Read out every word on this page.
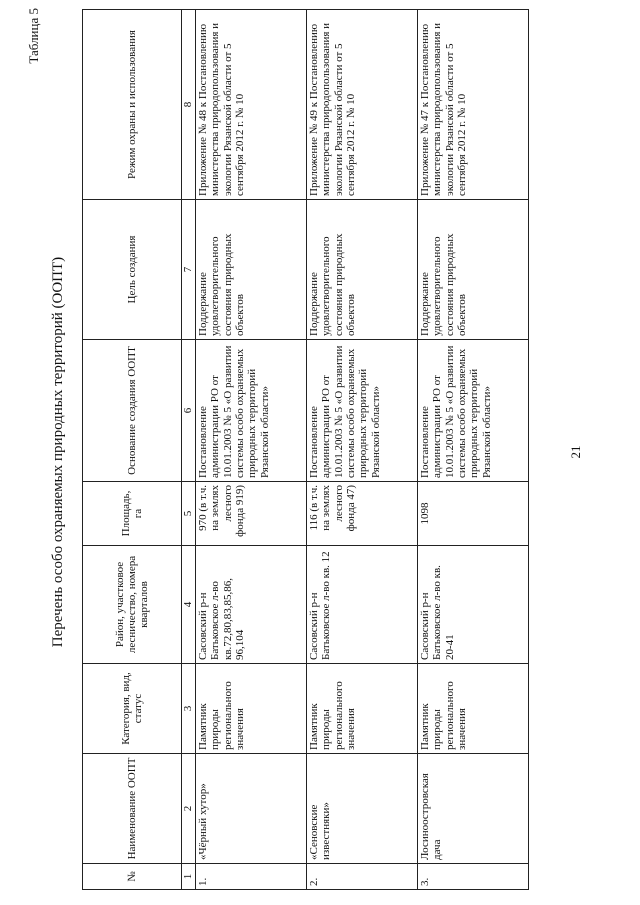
Таблица 5
Перечень особо охраняемых природных территорий (ООПТ)
№	Наименование ООПТ	Категория, вид, статус	Район, участковое лесничество, номера кварталов	Площадь, га	Основание создания ООПТ	Цель создания	Режим охраны и использования
1	2	3	4	5	6	7	8
1.	«Чёрный хутор»	Памятник природы регионального значения	Сасовский р-н Батьковское л-во кв.72,80,83,85,86, 96,104	970 (в т.ч. на землях лесного фонда 919)	Постановление администрации РО от 10.01.2003 № 5 «О развитии системы особо охраняемых природных территорий Рязанской области»	Поддержание удовлетворительного состояния природных объектов	Приложение № 48 к Постановлению министерства природопользования и экологии Рязанской области от 5 сентября 2012 г. № 10
2.	«Сеновские известняки»	Памятник природы регионального значения	Сасовский р-н Батьковское л-во кв. 12	116 (в т.ч. на землях лесного фонда 47)	Постановление администрации РО от 10.01.2003 № 5 «О развитии системы особо охраняемых природных территорий Рязанской области»	Поддержание удовлетворительного состояния природных объектов	Приложение № 49 к Постановлению министерства природопользования и экологии Рязанской области от 5 сентября 2012 г. № 10
3.	Лосиноостровская дача	Памятник природы регионального значения	Сасовский р-н Батьковское л-во кв. 20-41	1098	Постановление администрации РО от 10.01.2003 № 5 «О развитии системы особо охраняемых природных территорий Рязанской области»	Поддержание удовлетворительного состояния природных объектов	Приложение № 47 к Постановлению министерства природопользования и экологии Рязанской области от 5 сентября 2012 г. № 10
21
